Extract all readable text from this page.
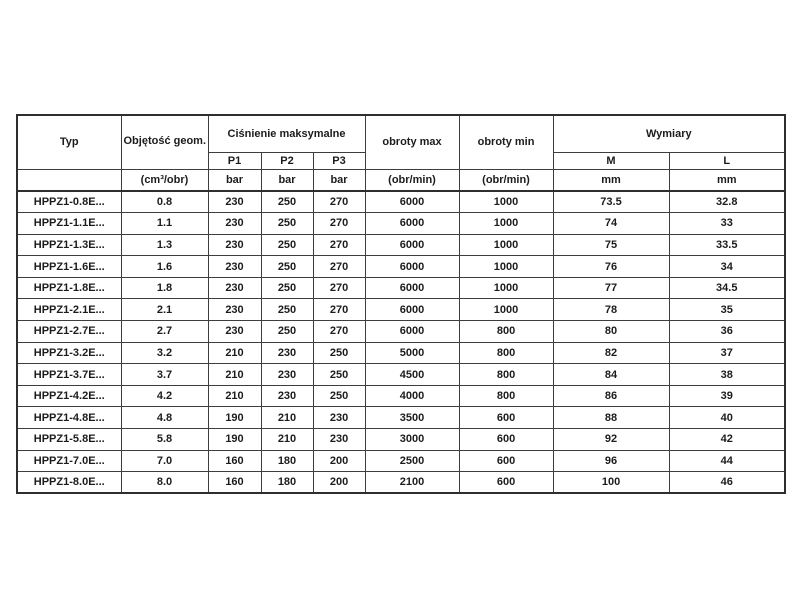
Typ	Objętość geom.	Ciśnienie maksymalne			obroty max	obroty min	Wymiary	
		P1	P2	P3			M	L
	(cm³/obr)	bar	bar	bar	(obr/min)	(obr/min)	mm	mm
HPPZ1-0.8E...	0.8	230	250	270	6000	1000	73.5	32.8
HPPZ1-1.1E...	1.1	230	250	270	6000	1000	74	33
HPPZ1-1.3E...	1.3	230	250	270	6000	1000	75	33.5
HPPZ1-1.6E...	1.6	230	250	270	6000	1000	76	34
HPPZ1-1.8E...	1.8	230	250	270	6000	1000	77	34.5
HPPZ1-2.1E...	2.1	230	250	270	6000	1000	78	35
HPPZ1-2.7E...	2.7	230	250	270	6000	800	80	36
HPPZ1-3.2E...	3.2	210	230	250	5000	800	82	37
HPPZ1-3.7E...	3.7	210	230	250	4500	800	84	38
HPPZ1-4.2E...	4.2	210	230	250	4000	800	86	39
HPPZ1-4.8E...	4.8	190	210	230	3500	600	88	40
HPPZ1-5.8E...	5.8	190	210	230	3000	600	92	42
HPPZ1-7.0E...	7.0	160	180	200	2500	600	96	44
HPPZ1-8.0E...	8.0	160	180	200	2100	600	100	46
